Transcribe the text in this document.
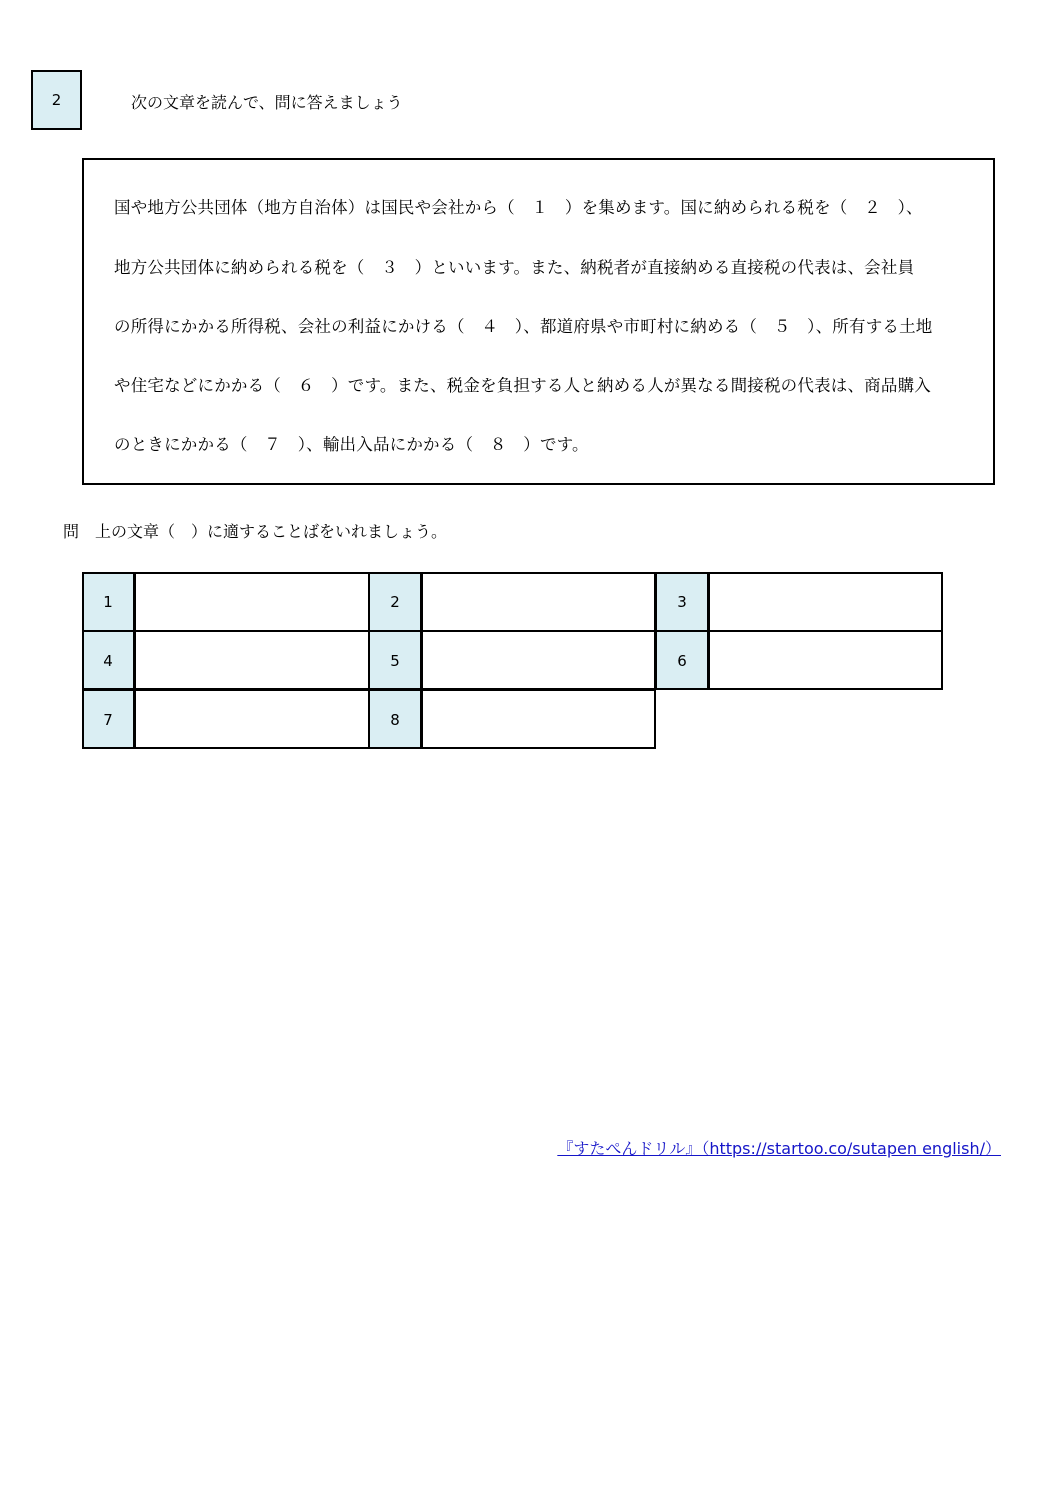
2	次の文章を読んで、問に答えましょう
国や地方公共団体（地方自治体）は国民や会社から（　１　）を集めます。国に納められる税を（　２　）、
地方公共団体に納められる税を（　３　）といいます。また、納税者が直接納める直接税の代表は、会社員
の所得にかかる所得税、会社の利益にかける（　４　）、都道府県や市町村に納める（　５　）、所有する土地
や住宅などにかかる（　６　）です。また、税金を負担する人と納める人が異なる間接税の代表は、商品購入
のときにかかる（　７　）、輸出入品にかかる（　８　）です。
問 上の文章（　）に適することばをいれましょう。
1	2	3
4	5	6
7	8
『すたぺんドリル』（https://startoo.co/sutapen english/）
